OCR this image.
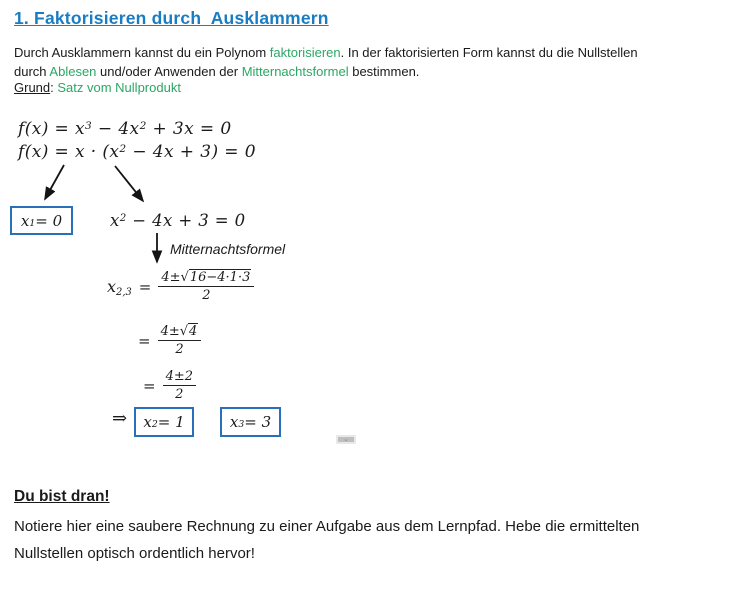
1. Faktorisieren durch  Ausklammern
Durch Ausklammern kannst du ein Polynom faktorisieren. In der faktorisierten Form kannst du die Nullstellen
durch Ablesen und/oder Anwenden der Mitternachtsformel bestimmen.
Grund: Satz vom Nullprodukt
$f(x) = x^3 - 4x^2 + 3x = 0$
$f(x) = x \cdot (x^2 - 4x + 3) = 0$
x 1 = 0	$x^2 - 4x + 3 = 0$
Mitternachtsformel
$x2,3 = \frac{4\pm√16-4\cdot 1\cdot 3}{2}$
= $\frac{4\pm√4}{2}$
= $\frac{4\pm 2}{2}$
⇒ x 2 = 1	x 3 = 3
⌄
Du bist dran!
Notiere hier eine saubere Rechnung zu einer Aufgabe aus dem Lernpfad. Hebe die ermittelten
Nullstellen optisch ordentlich hervor!
